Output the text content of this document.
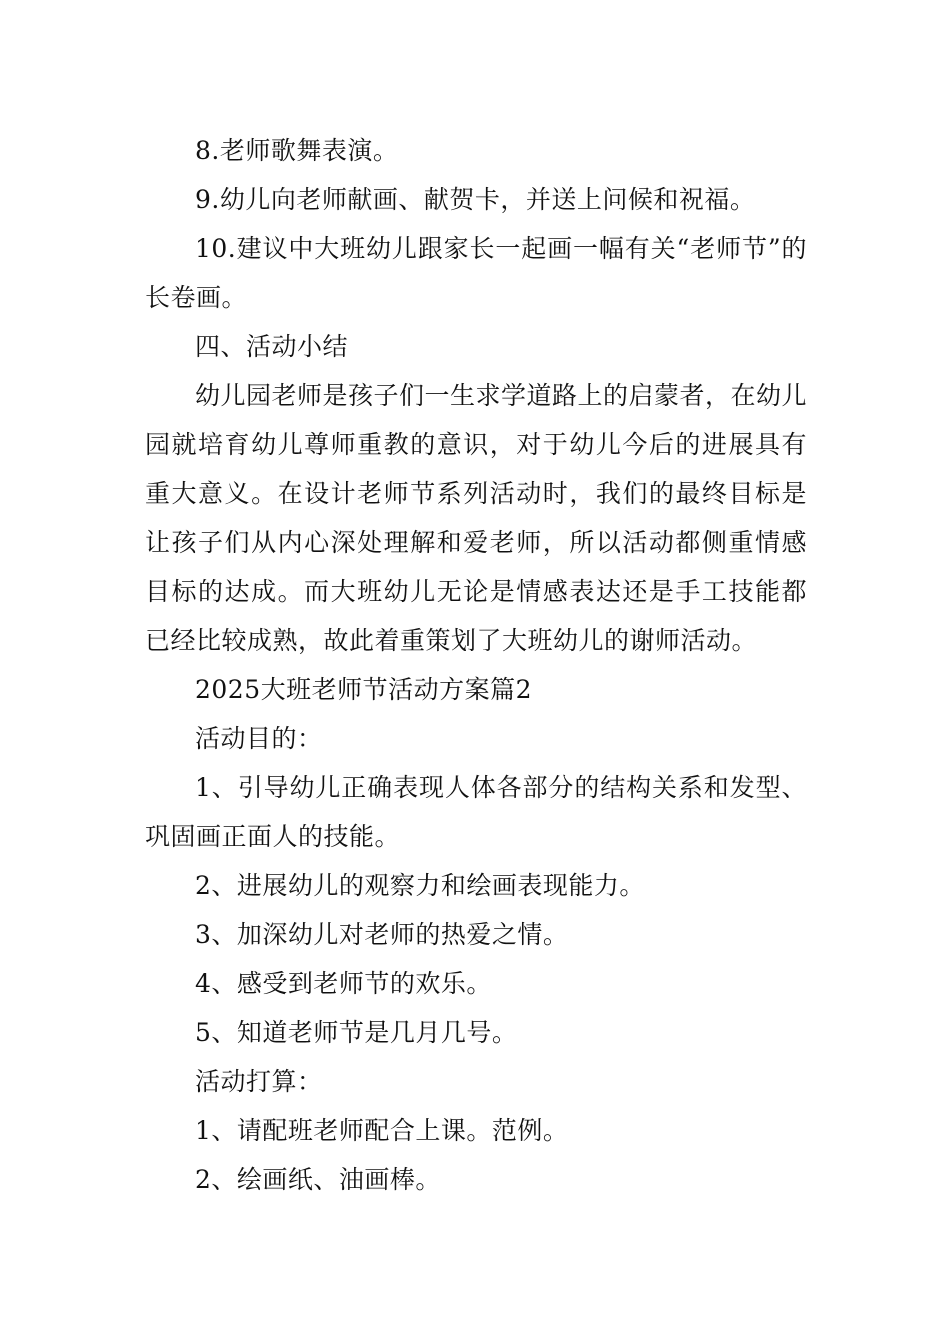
8.老师歌舞表演。

9.幼儿向老师献画、献贺卡，并送上问候和祝福。

10.建议中大班幼儿跟家长一起画一幅有关“老师节”的长卷画。

四、活动小结

幼儿园老师是孩子们一生求学道路上的启蒙者，在幼儿园就培育幼儿尊师重教的意识，对于幼儿今后的进展具有重大意义。在设计老师节系列活动时，我们的最终目标是让孩子们从内心深处理解和爱老师，所以活动都侧重情感目标的达成。而大班幼儿无论是情感表达还是手工技能都已经比较成熟，故此着重策划了大班幼儿的谢师活动。

2025大班老师节活动方案篇2

活动目的：

1、引导幼儿正确表现人体各部分的结构关系和发型、巩固画正面人的技能。

2、进展幼儿的观察力和绘画表现能力。

3、加深幼儿对老师的热爱之情。

4、感受到老师节的欢乐。

5、知道老师节是几月几号。

活动打算：

1、请配班老师配合上课。范例。

2、绘画纸、油画棒。
